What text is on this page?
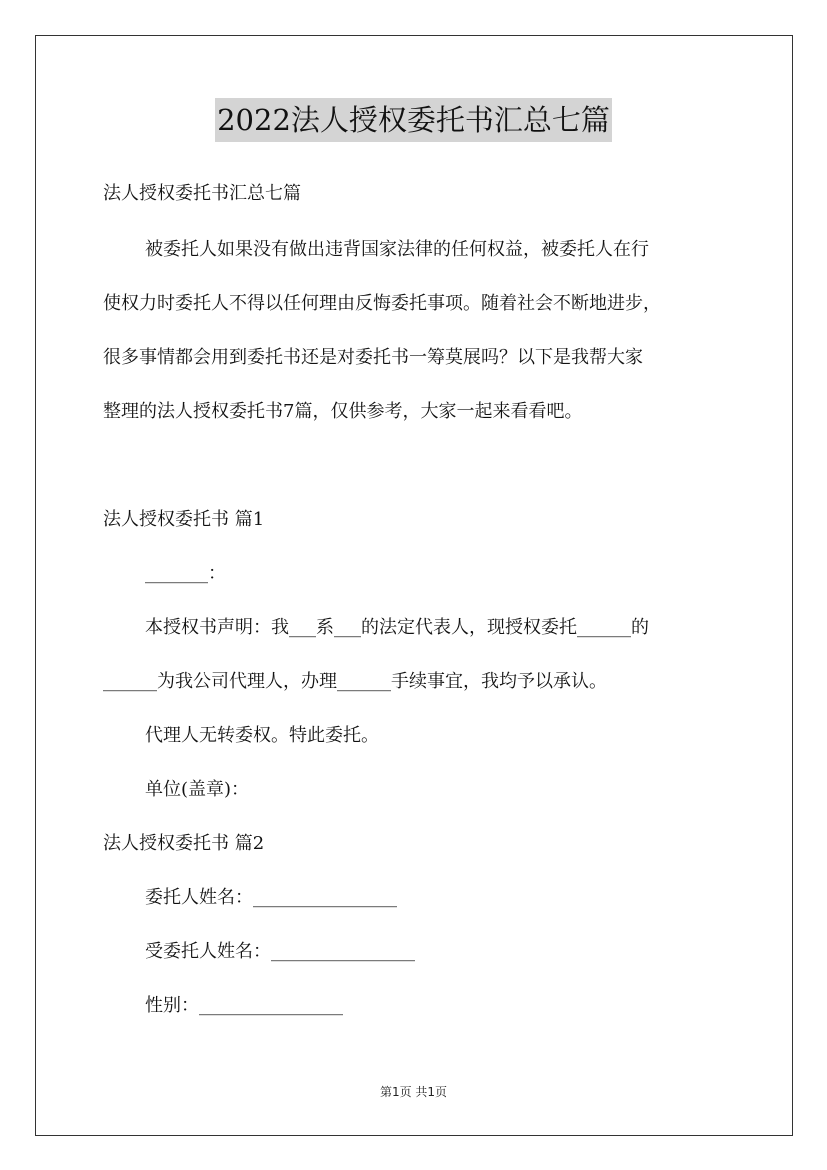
2022法人授权委托书汇总七篇
法人授权委托书汇总七篇
被委托人如果没有做出违背国家法律的任何权益，被委托人在行
使权力时委托人不得以任何理由反悔委托事项。随着社会不断地进步，
很多事情都会用到委托书还是对委托书一筹莫展吗？以下是我帮大家
整理的法人授权委托书7篇，仅供参考，大家一起来看看吧。
法人授权委托书 篇1
_______：
本授权书声明：我___系___的法定代表人，现授权委托______的
______为我公司代理人，办理______手续事宜，我均予以承认。
代理人无转委权。特此委托。
单位(盖章)：
法人授权委托书 篇2
委托人姓名：________________
受委托人姓名：________________
性别：________________
第1页 共1页
